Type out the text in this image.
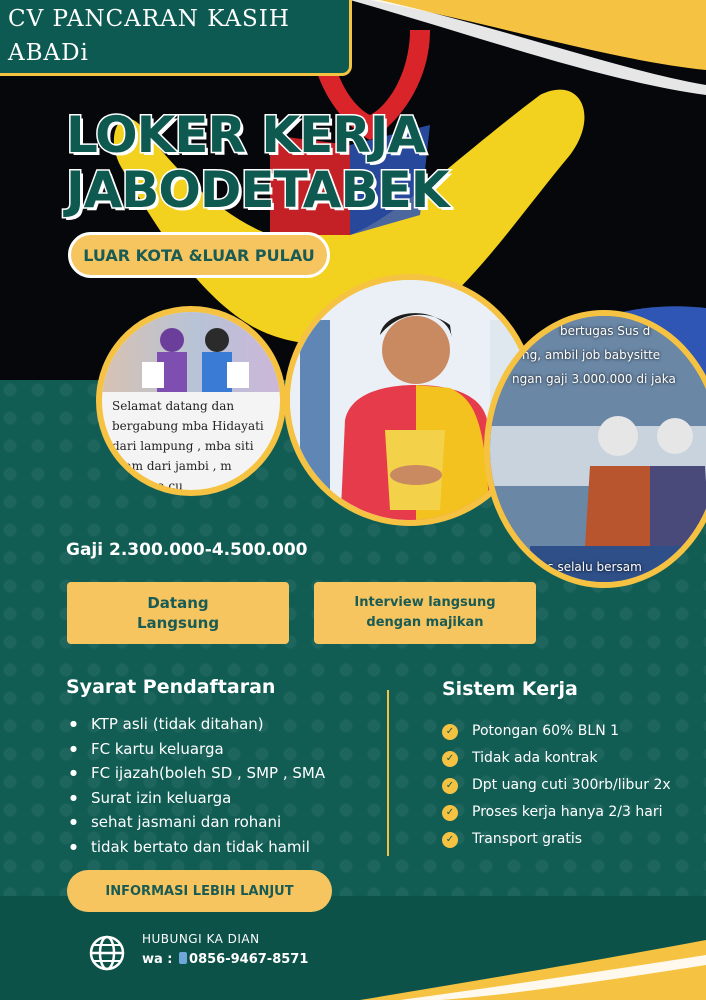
CV PANCARAN KASIH
ABADi
LOKER KERJA
JABODETABEK
LUAR KOTA &LUAR PULAU
Selamat datang dan
bergabung mba Hidayati
dari lampung , mba siti
ryam dari jambi , m
dan mba cu
bertugas Sus d
ng, ambil job babysitte
ngan gaji 3.000.000 di jaka
es selalu bersam
Gaji 2.300.000-4.500.000
Datang
Langsung
Interview langsung
dengan majikan
Syarat Pendaftaran
● KTP asli (tidak ditahan)
● FC kartu keluarga
● FC ijazah(boleh SD , SMP , SMA
● Surat izin keluarga
● sehat jasmani dan rohani
● tidak bertato dan tidak hamil
Sistem Kerja
✓ Potongan 60% BLN 1
✓ Tidak ada kontrak
✓ Dpt uang cuti 300rb/libur 2x
✓ Proses kerja hanya 2/3 hari
✓ Transport gratis
INFORMASI LEBIH LANJUT
HUBUNGI KA DIAN
wa : 0856-9467-8571
